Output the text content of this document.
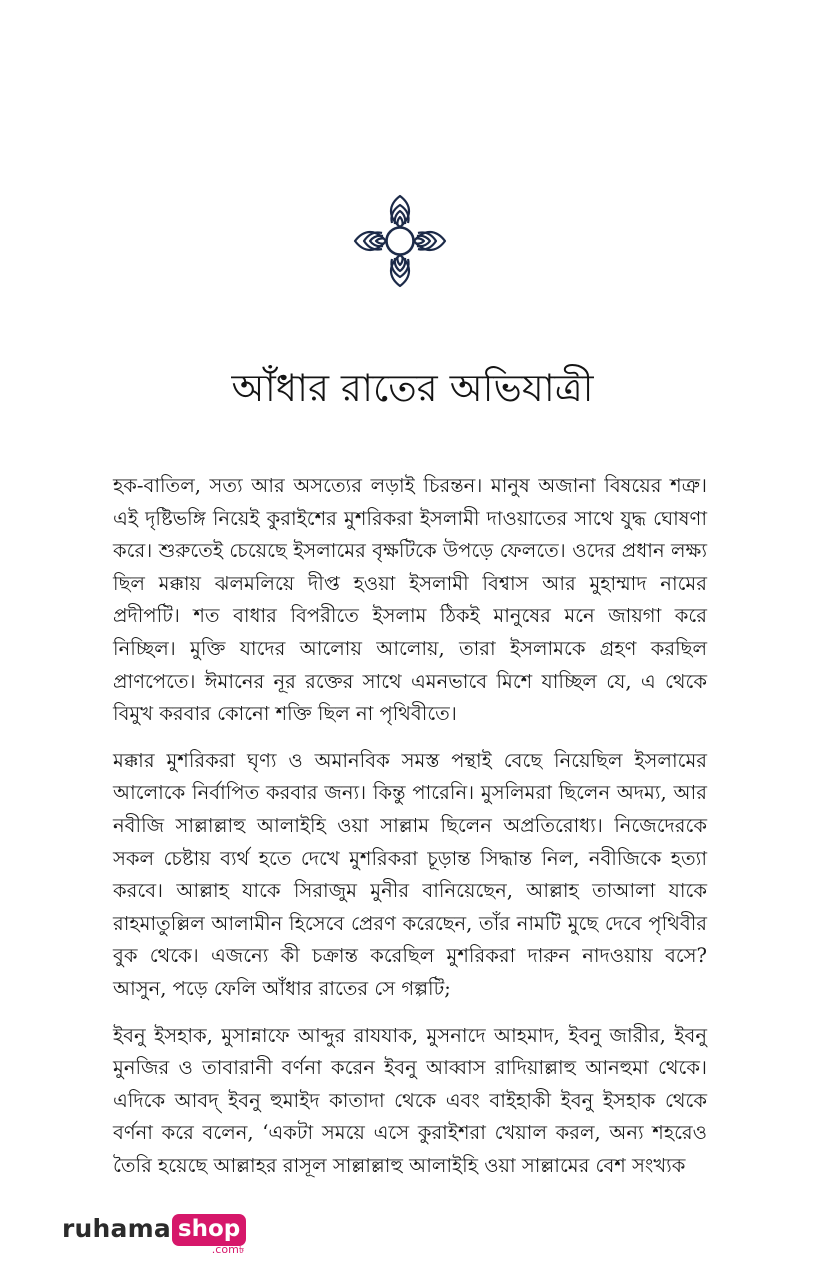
আঁধার রাতের অভিযাত্রী

হক-বাতিল, সত্য আর অসত্যের লড়াই চিরন্তন। মানুষ অজানা বিষয়ের শত্রু। এই দৃষ্টিভঙ্গি নিয়েই কুরাইশের মুশরিকরা ইসলামী দাওয়াতের সাথে যুদ্ধ ঘোষণা করে। শুরুতেই চেয়েছে ইসলামের বৃক্ষটিকে উপড়ে ফেলতে। ওদের প্রধান লক্ষ্য ছিল মক্কায় ঝলমলিয়ে দীপ্ত হওয়া ইসলামী বিশ্বাস আর মুহাম্মাদ নামের প্রদীপটি। শত বাধার বিপরীতে ইসলাম ঠিকই মানুষের মনে জায়গা করে নিচ্ছিল। মুক্তি যাদের আলোয় আলোয়, তারা ইসলামকে গ্রহণ করছিল প্রাণপেতে। ঈমানের নূর রক্তের সাথে এমনভাবে মিশে যাচ্ছিল যে, এ থেকে বিমুখ করবার কোনো শক্তি ছিল না পৃথিবীতে।

মক্কার মুশরিকরা ঘৃণ্য ও অমানবিক সমস্ত পন্থাই বেছে নিয়েছিল ইসলামের আলোকে নির্বাপিত করবার জন্য। কিন্তু পারেনি। মুসলিমরা ছিলেন অদম্য, আর নবীজি সাল্লাল্লাহু আলাইহি ওয়া সাল্লাম ছিলেন অপ্রতিরোধ্য। নিজেদেরকে সকল চেষ্টায় ব্যর্থ হতে দেখে মুশরিকরা চূড়ান্ত সিদ্ধান্ত নিল, নবীজিকে হত্যা করবে। আল্লাহ যাকে সিরাজুম মুনীর বানিয়েছেন, আল্লাহ তাআলা যাকে রাহমাতুল্লিল আলামীন হিসেবে প্রেরণ করেছেন, তাঁর নামটি মুছে দেবে পৃথিবীর বুক থেকে। এজন্যে কী চক্রান্ত করেছিল মুশরিকরা দারুন নাদওয়ায় বসে? আসুন, পড়ে ফেলি আঁধার রাতের সে গল্পটি;

ইবনু ইসহাক, মুসান্নাফে আব্দুর রাযযাক, মুসনাদে আহমাদ, ইবনু জারীর, ইবনু মুনজির ও তাবারানী বর্ণনা করেন ইবনু আব্বাস রাদিয়াল্লাহু আনহুমা থেকে। এদিকে আবদ্ ইবনু হুমাইদ কাতাদা থেকে এবং বাইহাকী ইবনু ইসহাক থেকে বর্ণনা করে বলেন, ‘একটা সময়ে এসে কুরাইশরা খেয়াল করল, অন্য শহরেও তৈরি হয়েছে আল্লাহর রাসূল সাল্লাল্লাহু আলাইহি ওয়া সাল্লামের বেশ সংখ্যক

ruhama shop
.com৳
